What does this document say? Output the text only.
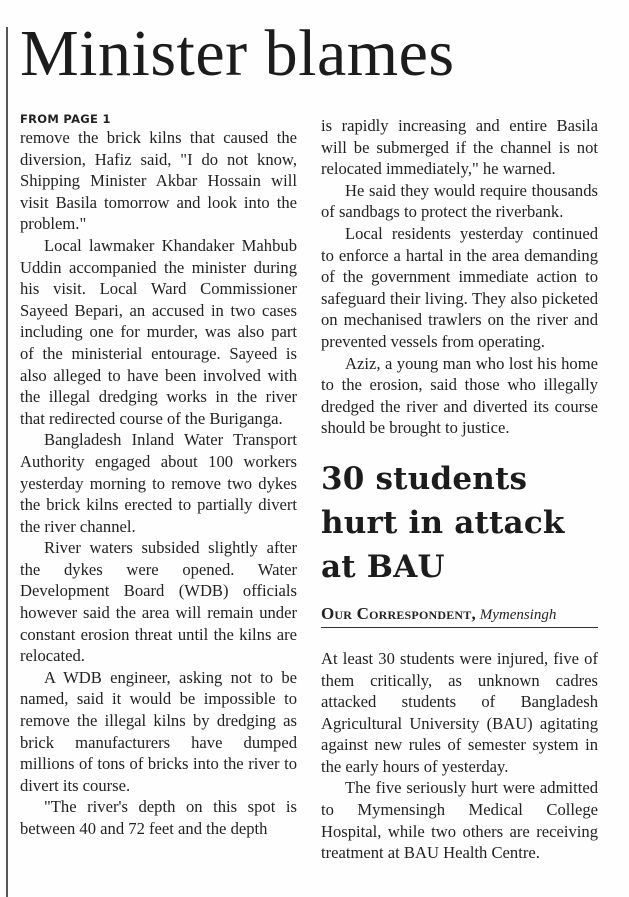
Minister blames
FROM PAGE 1

remove the brick kilns that caused the diversion, Hafiz said, "I do not know, Shipping Minister Akbar Hossain will visit Basila tomorrow and look into the problem."

Local lawmaker Khandaker Mahbub Uddin accompanied the minister during his visit. Local Ward Commissioner Sayeed Bepari, an accused in two cases including one for murder, was also part of the ministerial entourage. Sayeed is also alleged to have been involved with the illegal dredging works in the river that redirected course of the Buriganga.

Bangladesh Inland Water Transport Authority engaged about 100 workers yesterday morning to remove two dykes the brick kilns erected to partially divert the river channel.

River waters subsided slightly after the dykes were opened. Water Development Board (WDB) officials however said the area will remain under constant erosion threat until the kilns are relocated.

A WDB engineer, asking not to be named, said it would be impossible to remove the illegal kilns by dredging as brick manufacturers have dumped millions of tons of bricks into the river to divert its course.

"The river's depth on this spot is between 40 and 72 feet and the depth

is rapidly increasing and entire Basila will be submerged if the channel is not relocated immediately," he warned.

He said they would require thousands of sandbags to protect the riverbank.

Local residents yesterday continued to enforce a hartal in the area demanding of the government immediate action to safeguard their living. They also picketed on mechanised trawlers on the river and prevented vessels from operating.

Aziz, a young man who lost his home to the erosion, said those who illegally dredged the river and diverted its course should be brought to justice.

30 students hurt in attack at BAU
Our Correspondent, Mymensingh

At least 30 students were injured, five of them critically, as unknown cadres attacked students of Bangladesh Agricultural University (BAU) agitating against new rules of semester system in the early hours of yesterday.

The five seriously hurt were admitted to Mymensingh Medical College Hospital, while two others are receiving treatment at BAU Health Centre.
